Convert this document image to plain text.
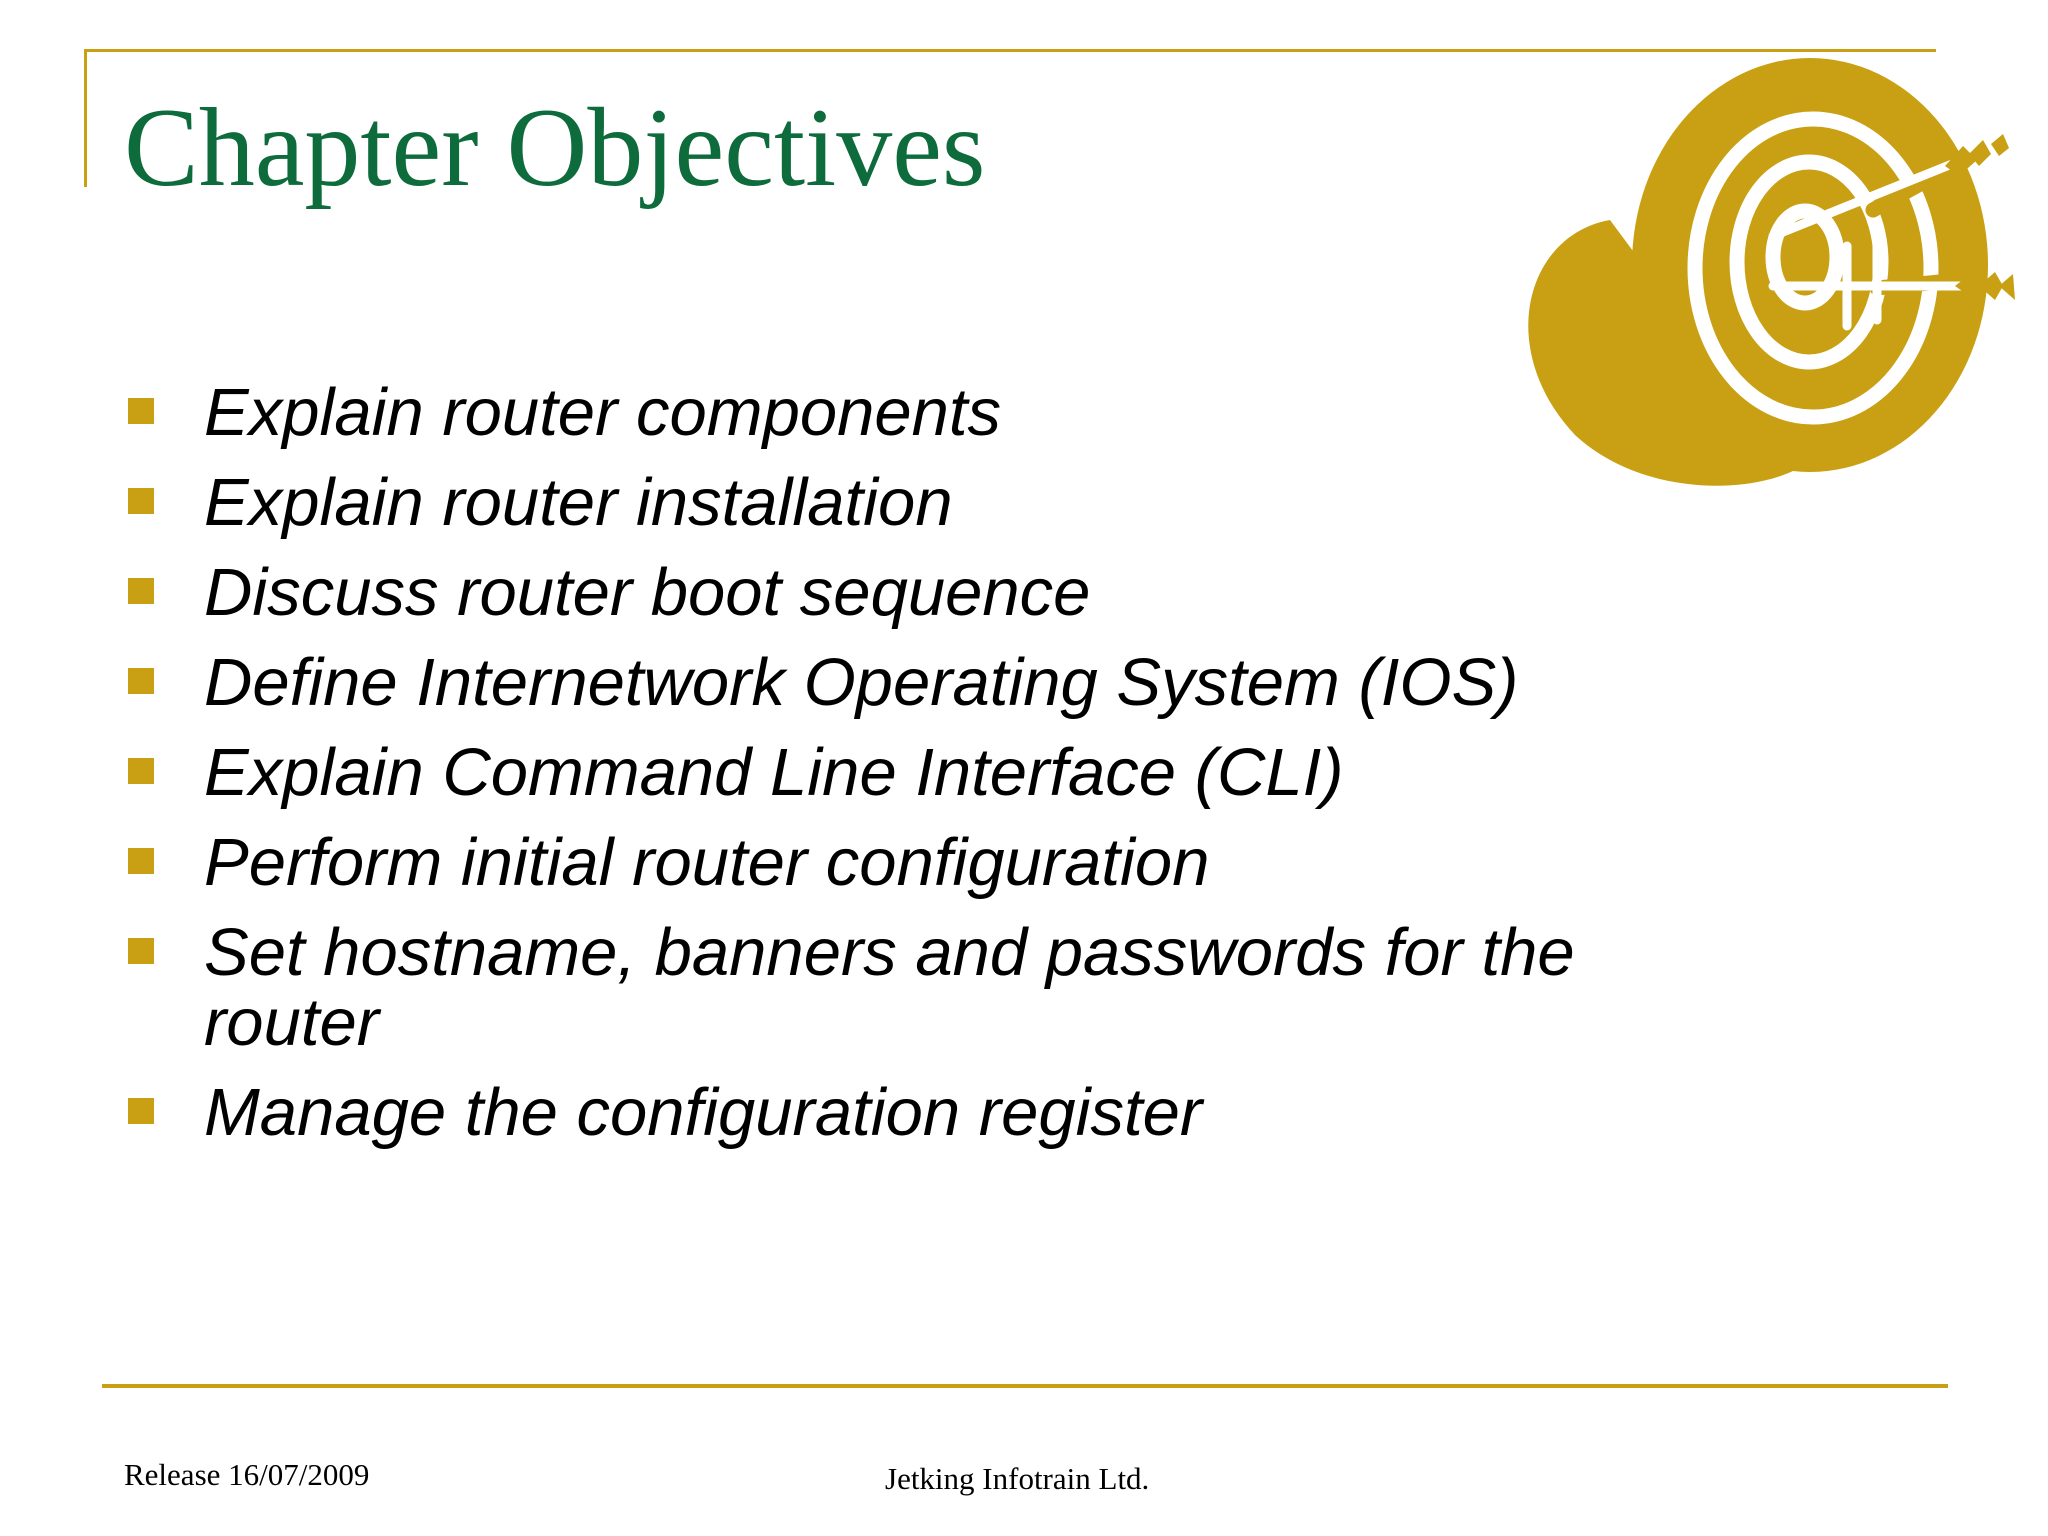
Chapter Objectives
Explain router components
Explain router installation
Discuss router boot sequence
Define Internetwork Operating System (IOS)
Explain Command Line Interface (CLI)
Perform initial router configuration
Set hostname, banners and passwords for the router
Manage the configuration register
Release 16/07/2009	Jetking Infotrain Ltd.
